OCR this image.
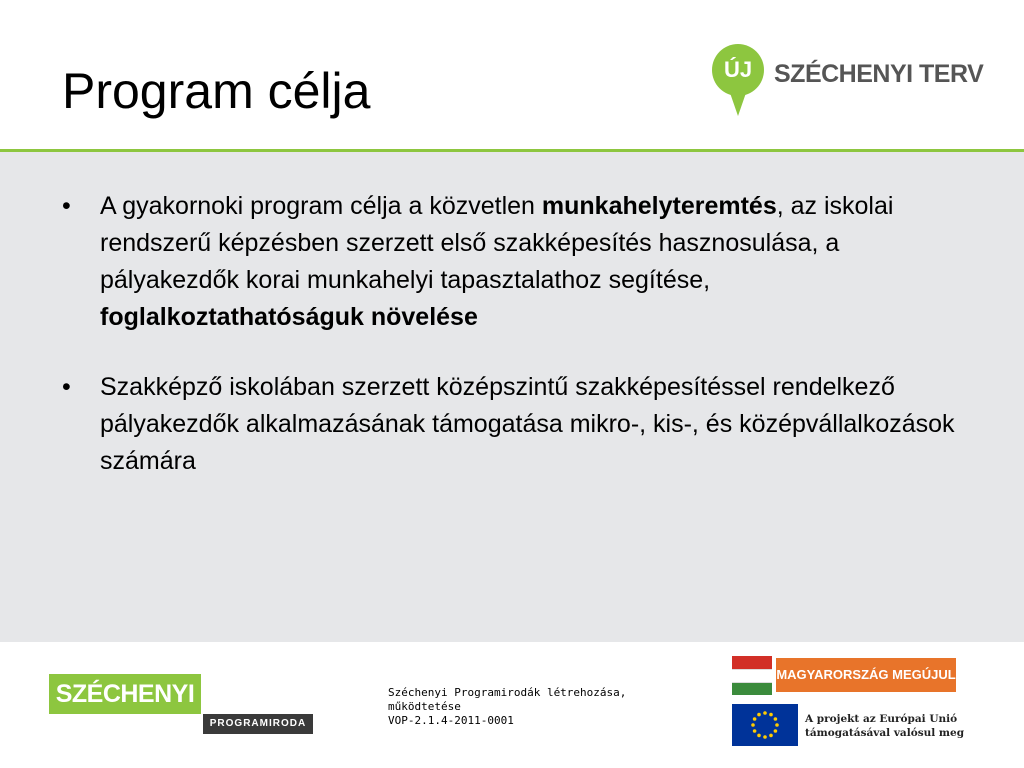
Program célja	ÚJ SZÉCHENYI TERV
• A gyakornoki program célja a közvetlen munkahelyteremtés, az iskolai rendszerű képzésben szerzett első szakképesítés hasznosulása, a pályakezdők korai munkahelyi tapasztalathoz segítése, foglalkoztathatóságuk növelése
• Szakképző iskolában szerzett középszintű szakképesítéssel rendelkező pályakezdők alkalmazásának támogatása mikro-, kis-, és középvállalkozások számára
SZÉCHENYI
PROGRAMIRODA
Széchenyi Programirodák létrehozása,
működtetése
VOP-2.1.4-2011-0001
MAGYARORSZÁG MEGÚJUL
A projekt az Európai Unió
támogatásával valósul meg
